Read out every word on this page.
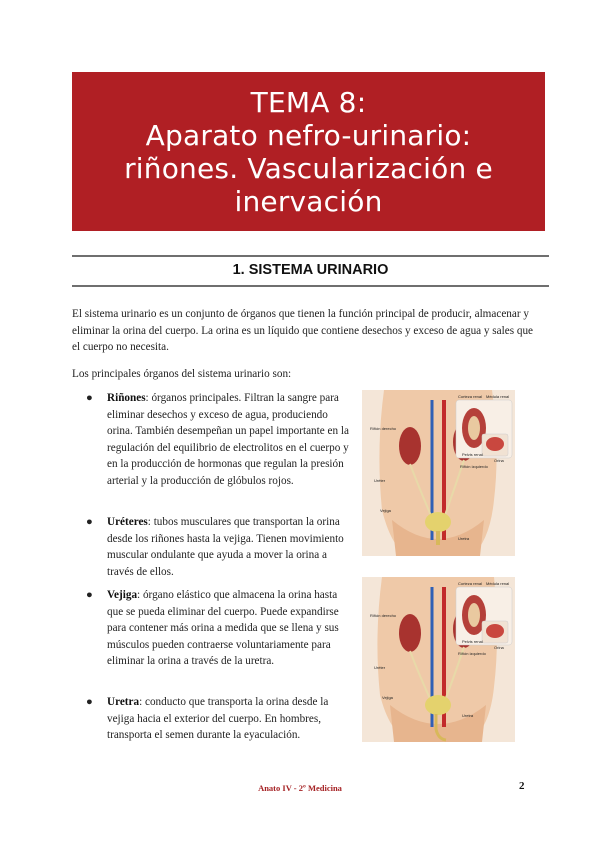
TEMA 8:
Aparato nefro-urinario:
riñones. Vascularización e
inervación
1. SISTEMA URINARIO
El sistema urinario es un conjunto de órganos que tienen la función principal de producir, almacenar y eliminar la orina del cuerpo. La orina es un líquido que contiene desechos y exceso de agua y sales que el cuerpo no necesita.
Los principales órganos del sistema urinario son:
●	Riñones: órganos principales. Filtran la sangre para eliminar desechos y exceso de agua, produciendo orina. También desempeñan un papel importante en la regulación del equilibrio de electrolitos en el cuerpo y en la producción de hormonas que regulan la presión arterial y la producción de glóbulos rojos.
●	Uréteres: tubos musculares que transportan la orina desde los riñones hasta la vejiga. Tienen movimiento muscular ondulante que ayuda a mover la orina a través de ellos.
●	Vejiga: órgano elástico que almacena la orina hasta que se pueda eliminar del cuerpo. Puede expandirse para contener más orina a medida que se llena y sus músculos pueden contraerse voluntariamente para eliminar la orina a través de la uretra.
●	Uretra: conducto que transporta la orina desde la vejiga hacia el exterior del cuerpo. En hombres, transporta el semen durante la eyaculación.
Riñón derecho
Riñón izquierdo
Uréter
Vejiga
Uretra
Corteza renal Médula renal
Pelvis renal
Orina
Riñón derecho
Riñón izquierdo
Uréter
Vejiga
Uretra
Corteza renal Médula renal
Pelvis renal
Orina
Anato IV - 2º Medicina	2
